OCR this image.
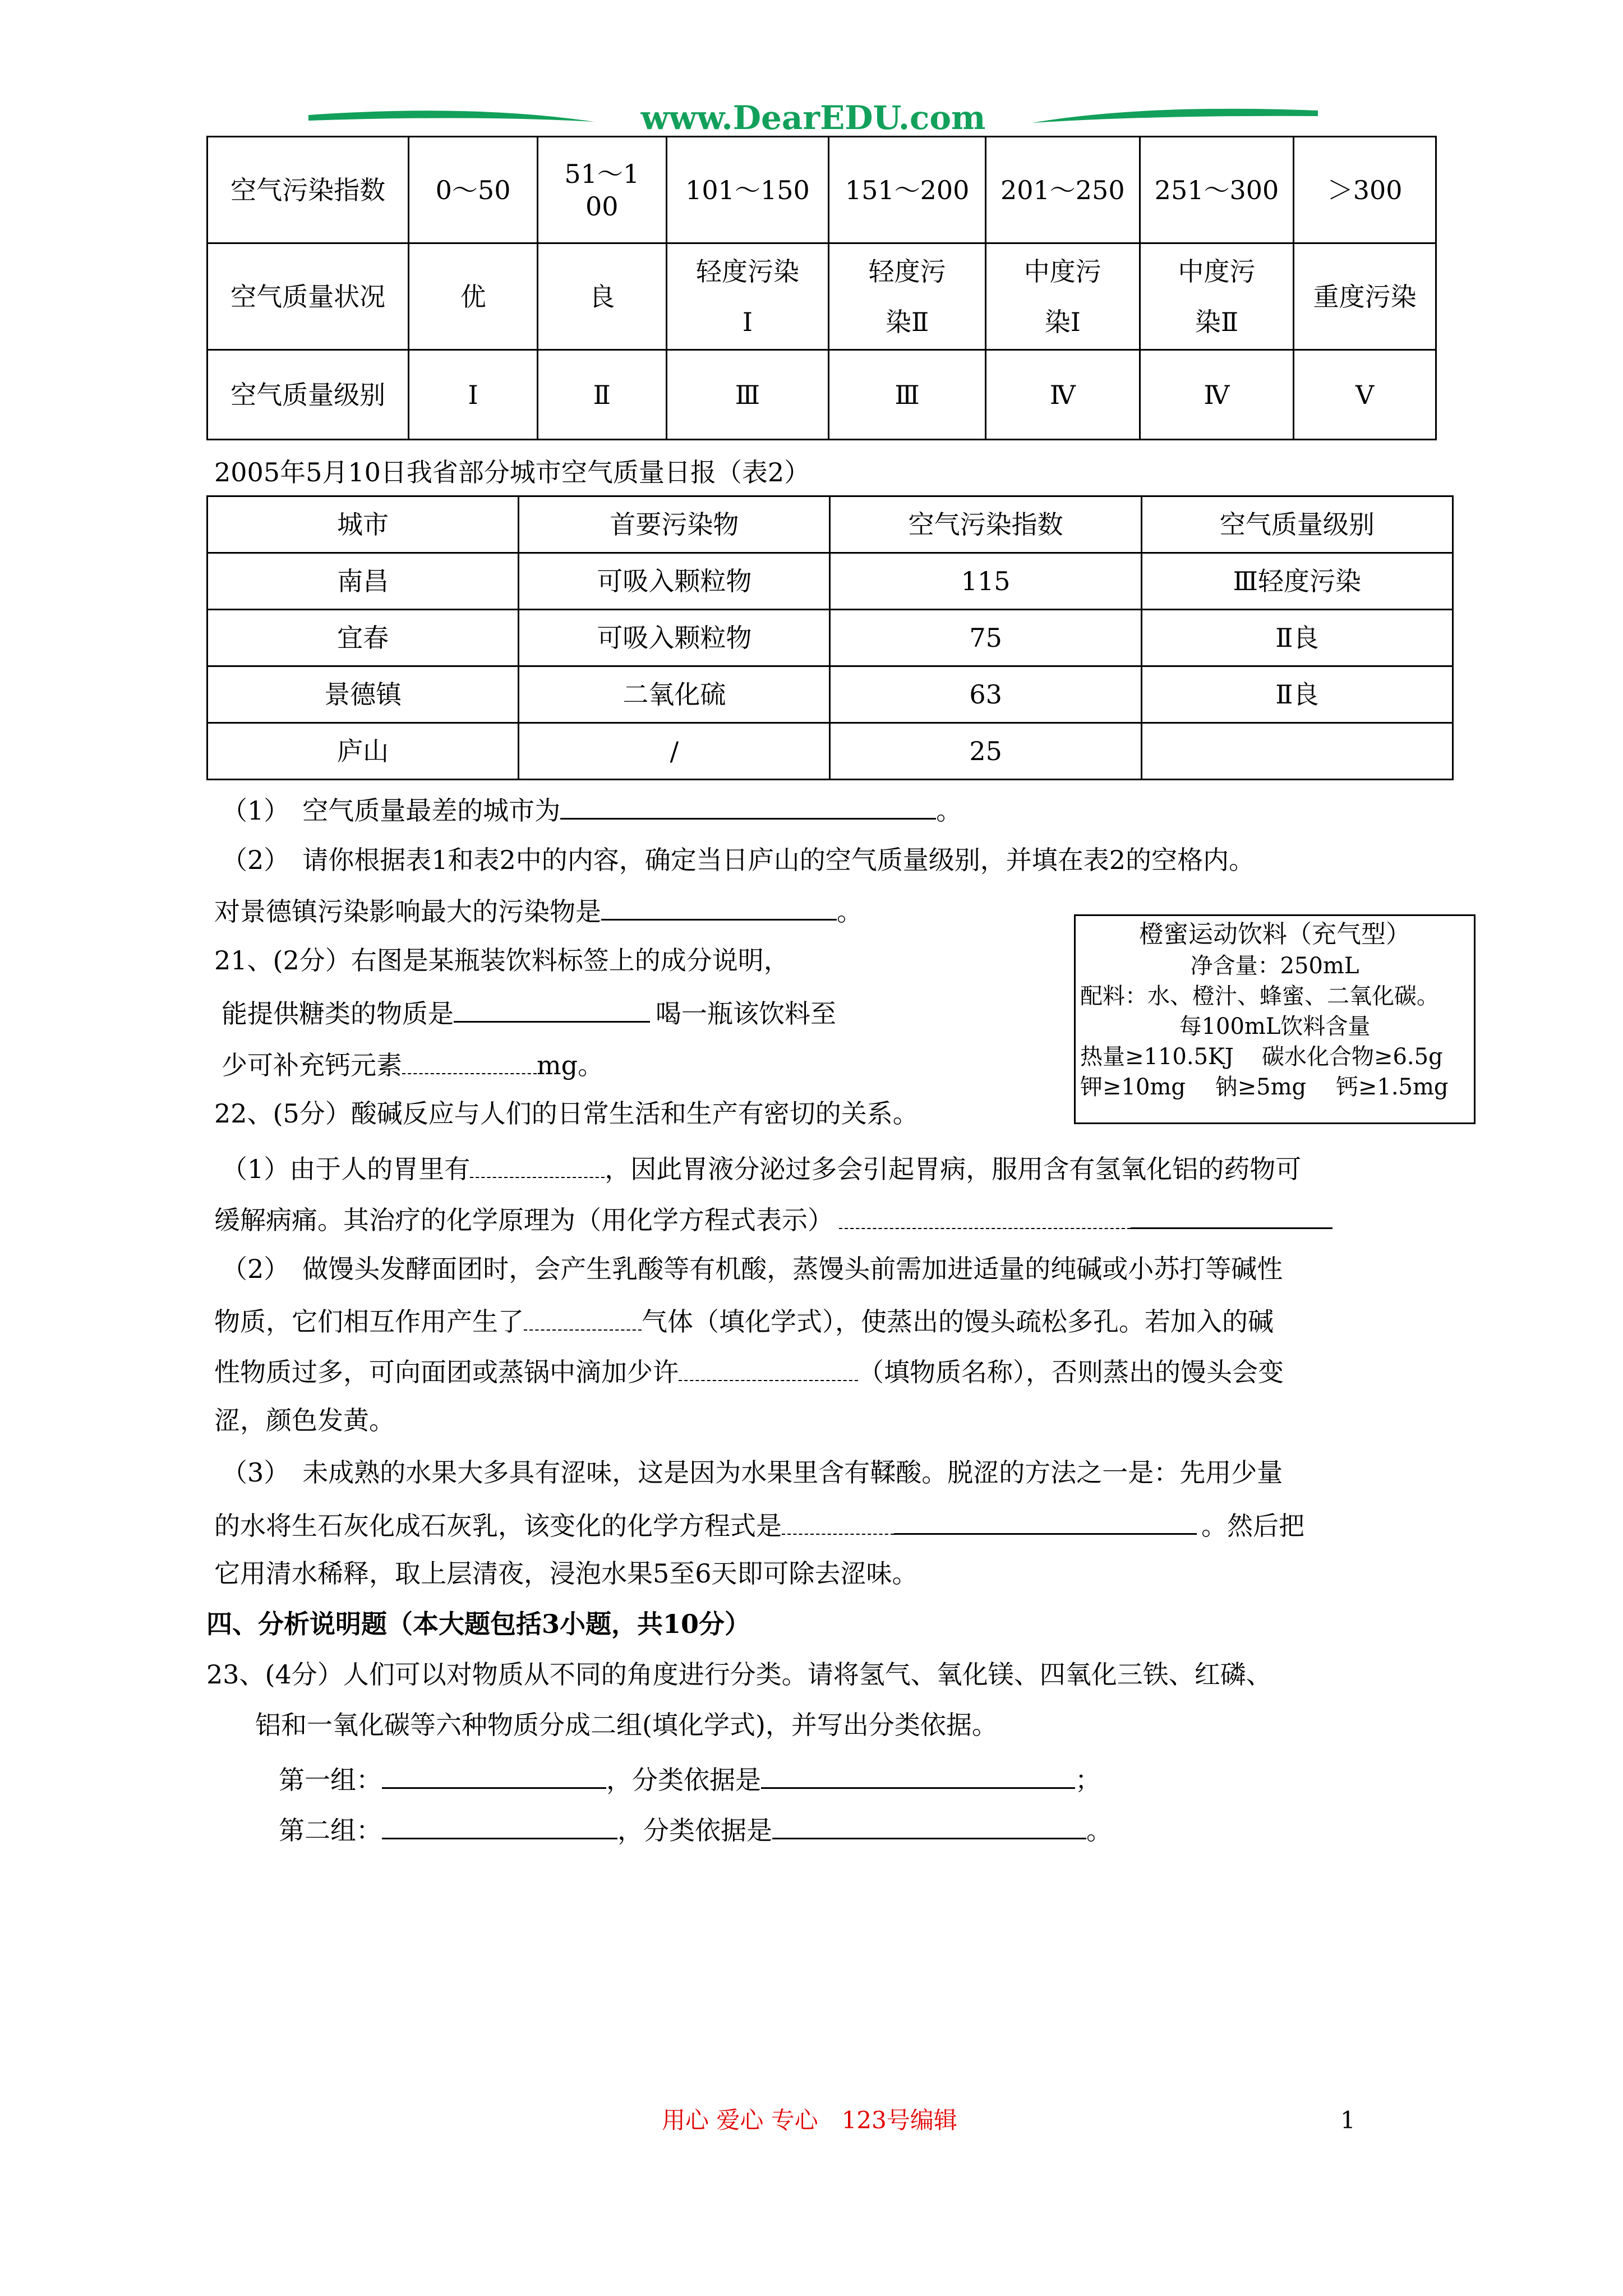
www.DearEDU.com
空气污染指数	0～50	51～100	101～150	151～200	201～250	251～300	＞300
空气质量状况	优	良	轻度污染Ⅰ	轻度污染Ⅱ	中度污染Ⅰ	中度污染Ⅱ	重度污染
空气质量级别	Ⅰ	Ⅱ	Ⅲ	Ⅲ	Ⅳ	Ⅳ	Ⅴ
2005年5月10日我省部分城市空气质量日报（表2）
城市	首要污染物	空气污染指数	空气质量级别
南昌	可吸入颗粒物	115	Ⅲ轻度污染
宜春	可吸入颗粒物	75	Ⅱ良
景德镇	二氧化硫	63	Ⅱ良
庐山	/	25	
（1）　空气质量最差的城市为	。
（2）　请你根据表1和表2中的内容，确定当日庐山的空气质量级别，并填在表2的空格内。
对景德镇污染影响最大的污染物是	。
橙蜜运动饮料（充气型）
净含量：250mL
配料：水、橙汁、蜂蜜、二氧化碳。
每100mL饮料含量
热量≥110.5KJ 碳水化合物≥6.5g
钾≥10mg　 钠≥5mg　 钙≥1.5mg
21、(2分）右图是某瓶装饮料标签上的成分说明，
能提供糖类的物质是	喝一瓶该饮料至
少可补充钙元素	mg。
22、(5分）酸碱反应与人们的日常生活和生产有密切的关系。
（1）由于人的胃里有	，因此胃液分泌过多会引起胃病，服用含有氢氧化铝的药物可
缓解病痛。其治疗的化学原理为（用化学方程式表示）
（2）　做馒头发酵面团时，会产生乳酸等有机酸，蒸馒头前需加进适量的纯碱或小苏打等碱性
物质，它们相互作用产生了	气体（填化学式），使蒸出的馒头疏松多孔。若加入的碱
性物质过多，可向面团或蒸锅中滴加少许	（填物质名称），否则蒸出的馒头会变
涩，颜色发黄。
（3）　未成熟的水果大多具有涩味，这是因为水果里含有鞣酸。脱涩的方法之一是：先用少量
的水将生石灰化成石灰乳，该变化的化学方程式是	。然后把
它用清水稀释，取上层清夜，浸泡水果5至6天即可除去涩味。
四、分析说明题（本大题包括3小题，共10分）
23、(4分）人们可以对物质从不同的角度进行分类。请将氢气、氧化镁、四氧化三铁、红磷、
铝和一氧化碳等六种物质分成二组(填化学式)，并写出分类依据。
第一组：	，分类依据是	；
第二组：	，分类依据是	。
用心 爱心 专心　123号编辑	1
